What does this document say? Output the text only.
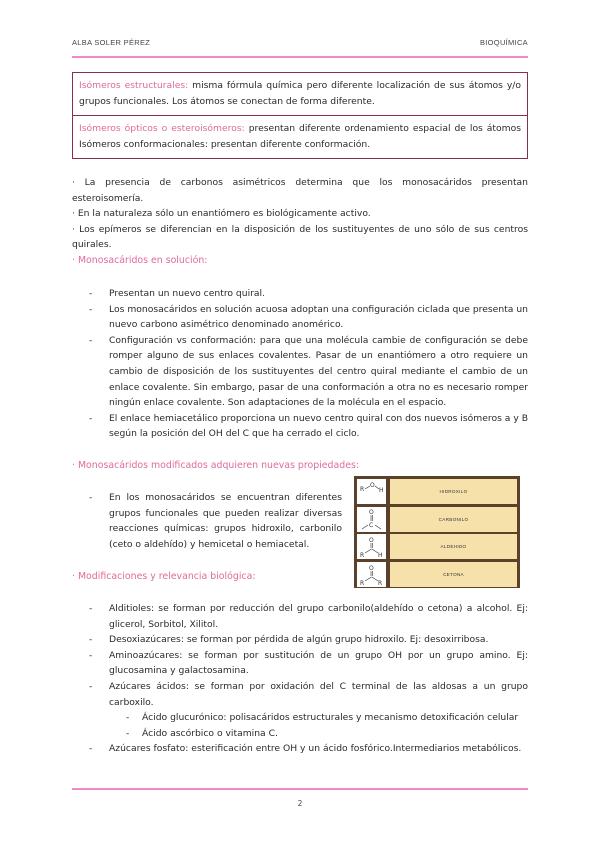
ALBA SOLER PÉREZ	BIOQUÍMICA
Isómeros estructurales: misma fórmula química pero diferente localización de sus átomos y/o grupos funcionales. Los átomos se conectan de forma diferente.
Isómeros ópticos o esteroisómeros: presentan diferente ordenamiento espacial de los átomos Isómeros conformacionales: presentan diferente conformación.

· La presencia de carbonos asimétricos determina que los monosacáridos presentan esteroisomería.

· En la naturaleza sólo un enantiómero es biológicamente activo.

· Los epímeros se diferencian en la disposición de los sustituyentes de uno sólo de sus centros quirales.

· Monosacáridos en solución:
- Presentan un nuevo centro quiral.
- Los monosacáridos en solución acuosa adoptan una configuración ciclada que presenta un nuevo carbono asimétrico denominado anomérico.
- Configuración vs conformación: para que una molécula cambie de configuración se debe romper alguno de sus enlaces covalentes. Pasar de un enantiómero a otro requiere un cambio de disposición de los sustituyentes del centro quiral mediante el cambio de un enlace covalente. Sin embargo, pasar de una conformación a otra no es necesario romper ningún enlace covalente. Son adaptaciones de la molécula en el espacio.
- El enlace hemiacetálico proporciona un nuevo centro quiral con dos nuevos isómeros a y B según la posición del OH del C que ha cerrado el ciclo.
· Monosacáridos modificados adquieren nuevas propiedades:
- En los monosacáridos se encuentran diferentes grupos funcionales que pueden realizar diversas reacciones químicas: grupos hidroxilo, carbonilo (ceto o aldehído) y hemicetal o hemiacetal.
R
O
H	HIDROXILO
O
C
CARBONILO
O
R H
ALDEHIDO
O
R R
CETONA
· Modificaciones y relevancia biológica:
- Alditioles: se forman por reducción del grupo carbonilo(aldehído o cetona) a alcohol. Ej: glicerol, Sorbitol, Xilitol.
- Desoxiazúcares: se forman por pérdida de algún grupo hidroxilo. Ej: desoxirribosa.
- Aminoazúcares: se forman por sustitución de un grupo OH por un grupo amino. Ej: glucosamina y galactosamina.
- Azúcares ácidos: se forman por oxidación del C terminal de las aldosas a un grupo carboxilo.
- Ácido glucurónico: polisacáridos estructurales y mecanismo detoxificación celular
- Ácido ascórbico o vitamina C.
- Azúcares fosfato: esterificación entre OH y un ácido fosfórico.Intermediarios metabólicos.
2
